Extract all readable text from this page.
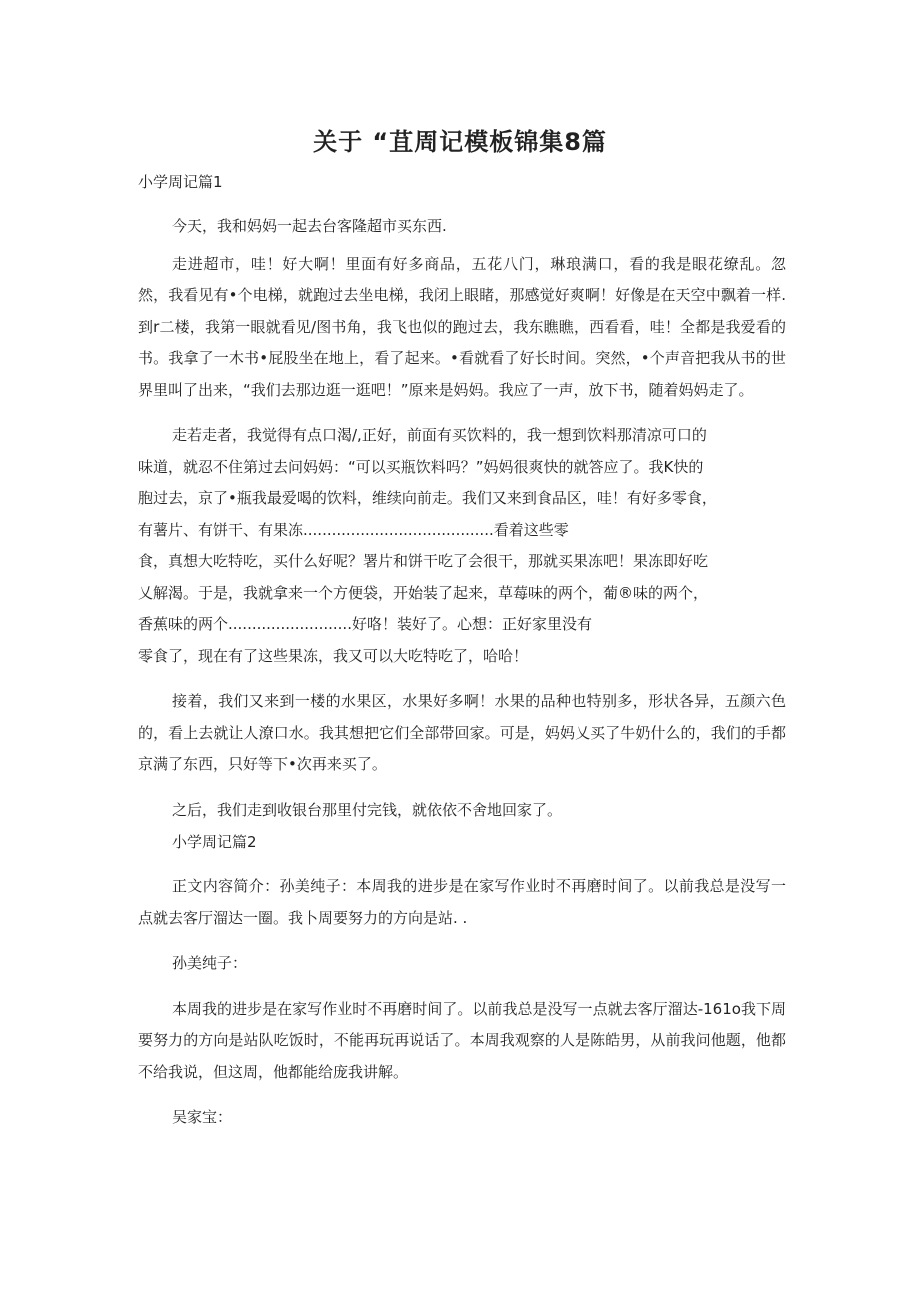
关于 “苴周记模板锦集8篇

小学周记篇1

今天，我和妈妈一起去台客隆超市买东西.

走进超市，哇！好大啊！里面有好多商品，五花八门，琳琅满口，看的我是眼花缭乱。忽然，我看见有•个电梯，就跑过去坐电梯，我闭上眼睹，那感觉好爽啊！好像是在天空中飘着一样.到r二楼，我第一眼就看见/图书角，我飞也似的跑过去，我东瞧瞧，西看看，哇！全都是我爱看的书。我拿了一木书•屁股坐在地上，看了起来。•看就看了好长时间。突然，•个声音把我从书的世界里叫了出来，“我们去那边逛一逛吧！”原来是妈妈。我应了一声，放下书，随着妈妈走了。

走若走者，我觉得有点口渴/,正好，前面有买饮料的，我一想到饮料那清凉可口的
味道，就忍不住第过去问妈妈：“可以买瓶饮料吗？”妈妈很爽快的就答应了。我K快的
胞过去，京了•瓶我最爱喝的饮料，维续向前走。我们又来到食品区，哇！有好多零食，
有薯片、有饼干、有果冻........................................看着这些零
食，真想大吃特吃，买什么好呢？署片和饼干吃了会很干，那就买果冻吧！果冻即好吃
乂解渴。于是，我就拿来一个方便袋，开始装了起来，草莓味的两个，葡®味的两个，
香蕉味的两个..........................好咯！装好了。心想：正好家里没有
零食了，现在有了这些果冻，我又可以大吃特吃了，哈哈！

接着，我们又来到一楼的水果区，水果好多啊！水果的品种也特别多，形状各异，五颜六色的，看上去就让人潦口水。我其想把它们全部带回家。可是，妈妈乂买了牛奶什么的，我们的手都京满了东西，只好等下•次再来买了。

之后，我们走到收银台那里付完钱，就依依不舍地回家了。

小学周记篇2

正文内容简介：孙美纯子：本周我的进步是在家写作业时不再磨时间了。以前我总是没写一点就去客厅溜达一圈。我卜周要努力的方向是站. .

孙美纯子：

本周我的进步是在家写作业时不再磨时间了。以前我总是没写一点就去客厅溜达-161o我下周要努力的方向是站队吃饭时，不能再玩再说话了。本周我观察的人是陈皓男，从前我问他题，他都不给我说，但这周，他都能给庞我讲解。

吴家宝：
